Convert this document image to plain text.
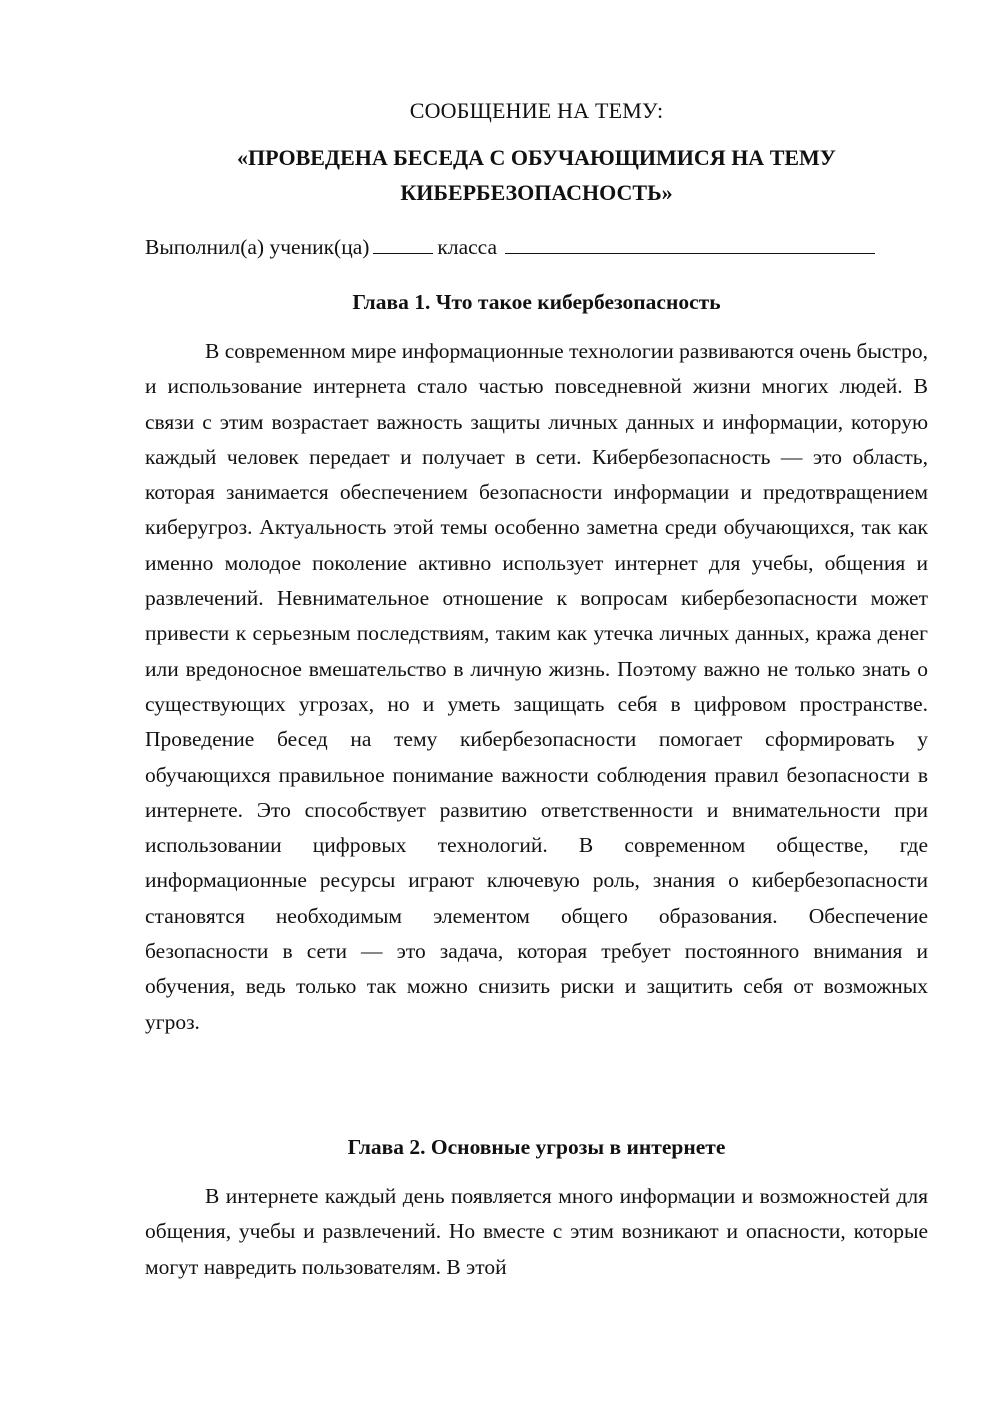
СООБЩЕНИЕ НА ТЕМУ:
«ПРОВЕДЕНА БЕСЕДА С ОБУЧАЮЩИМИСЯ НА ТЕМУ КИБЕРБЕЗОПАСНОСТЬ»
Выполнил(а) ученик(ца)	класса
Глава 1. Что такое кибербезопасность

В современном мире информационные технологии развиваются очень быстро, и использование интернета стало частью повседневной жизни многих людей. В связи с этим возрастает важность защиты личных данных и информации, которую каждый человек передает и получает в сети. Кибербезопасность — это область, которая занимается обеспечением безопасности информации и предотвращением киберугроз. Актуальность этой темы особенно заметна среди обучающихся, так как именно молодое поколение активно использует интернет для учебы, общения и развлечений. Невнимательное отношение к вопросам кибербезопасности может привести к серьезным последствиям, таким как утечка личных данных, кража денег или вредоносное вмешательство в личную жизнь. Поэтому важно не только знать о существующих угрозах, но и уметь защищать себя в цифровом пространстве. Проведение бесед на тему кибербезопасности помогает сформировать у обучающихся правильное понимание важности соблюдения правил безопасности в интернете. Это способствует развитию ответственности и внимательности при использовании цифровых технологий. В современном обществе, где информационные ресурсы играют ключевую роль, знания о кибербезопасности становятся необходимым элементом общего образования. Обеспечение безопасности в сети — это задача, которая требует постоянного внимания и обучения, ведь только так можно снизить риски и защитить себя от возможных угроз.

Глава 2. Основные угрозы в интернете

В интернете каждый день появляется много информации и возможностей для общения, учебы и развлечений. Но вместе с этим возникают и опасности, которые могут навредить пользователям. В этой
